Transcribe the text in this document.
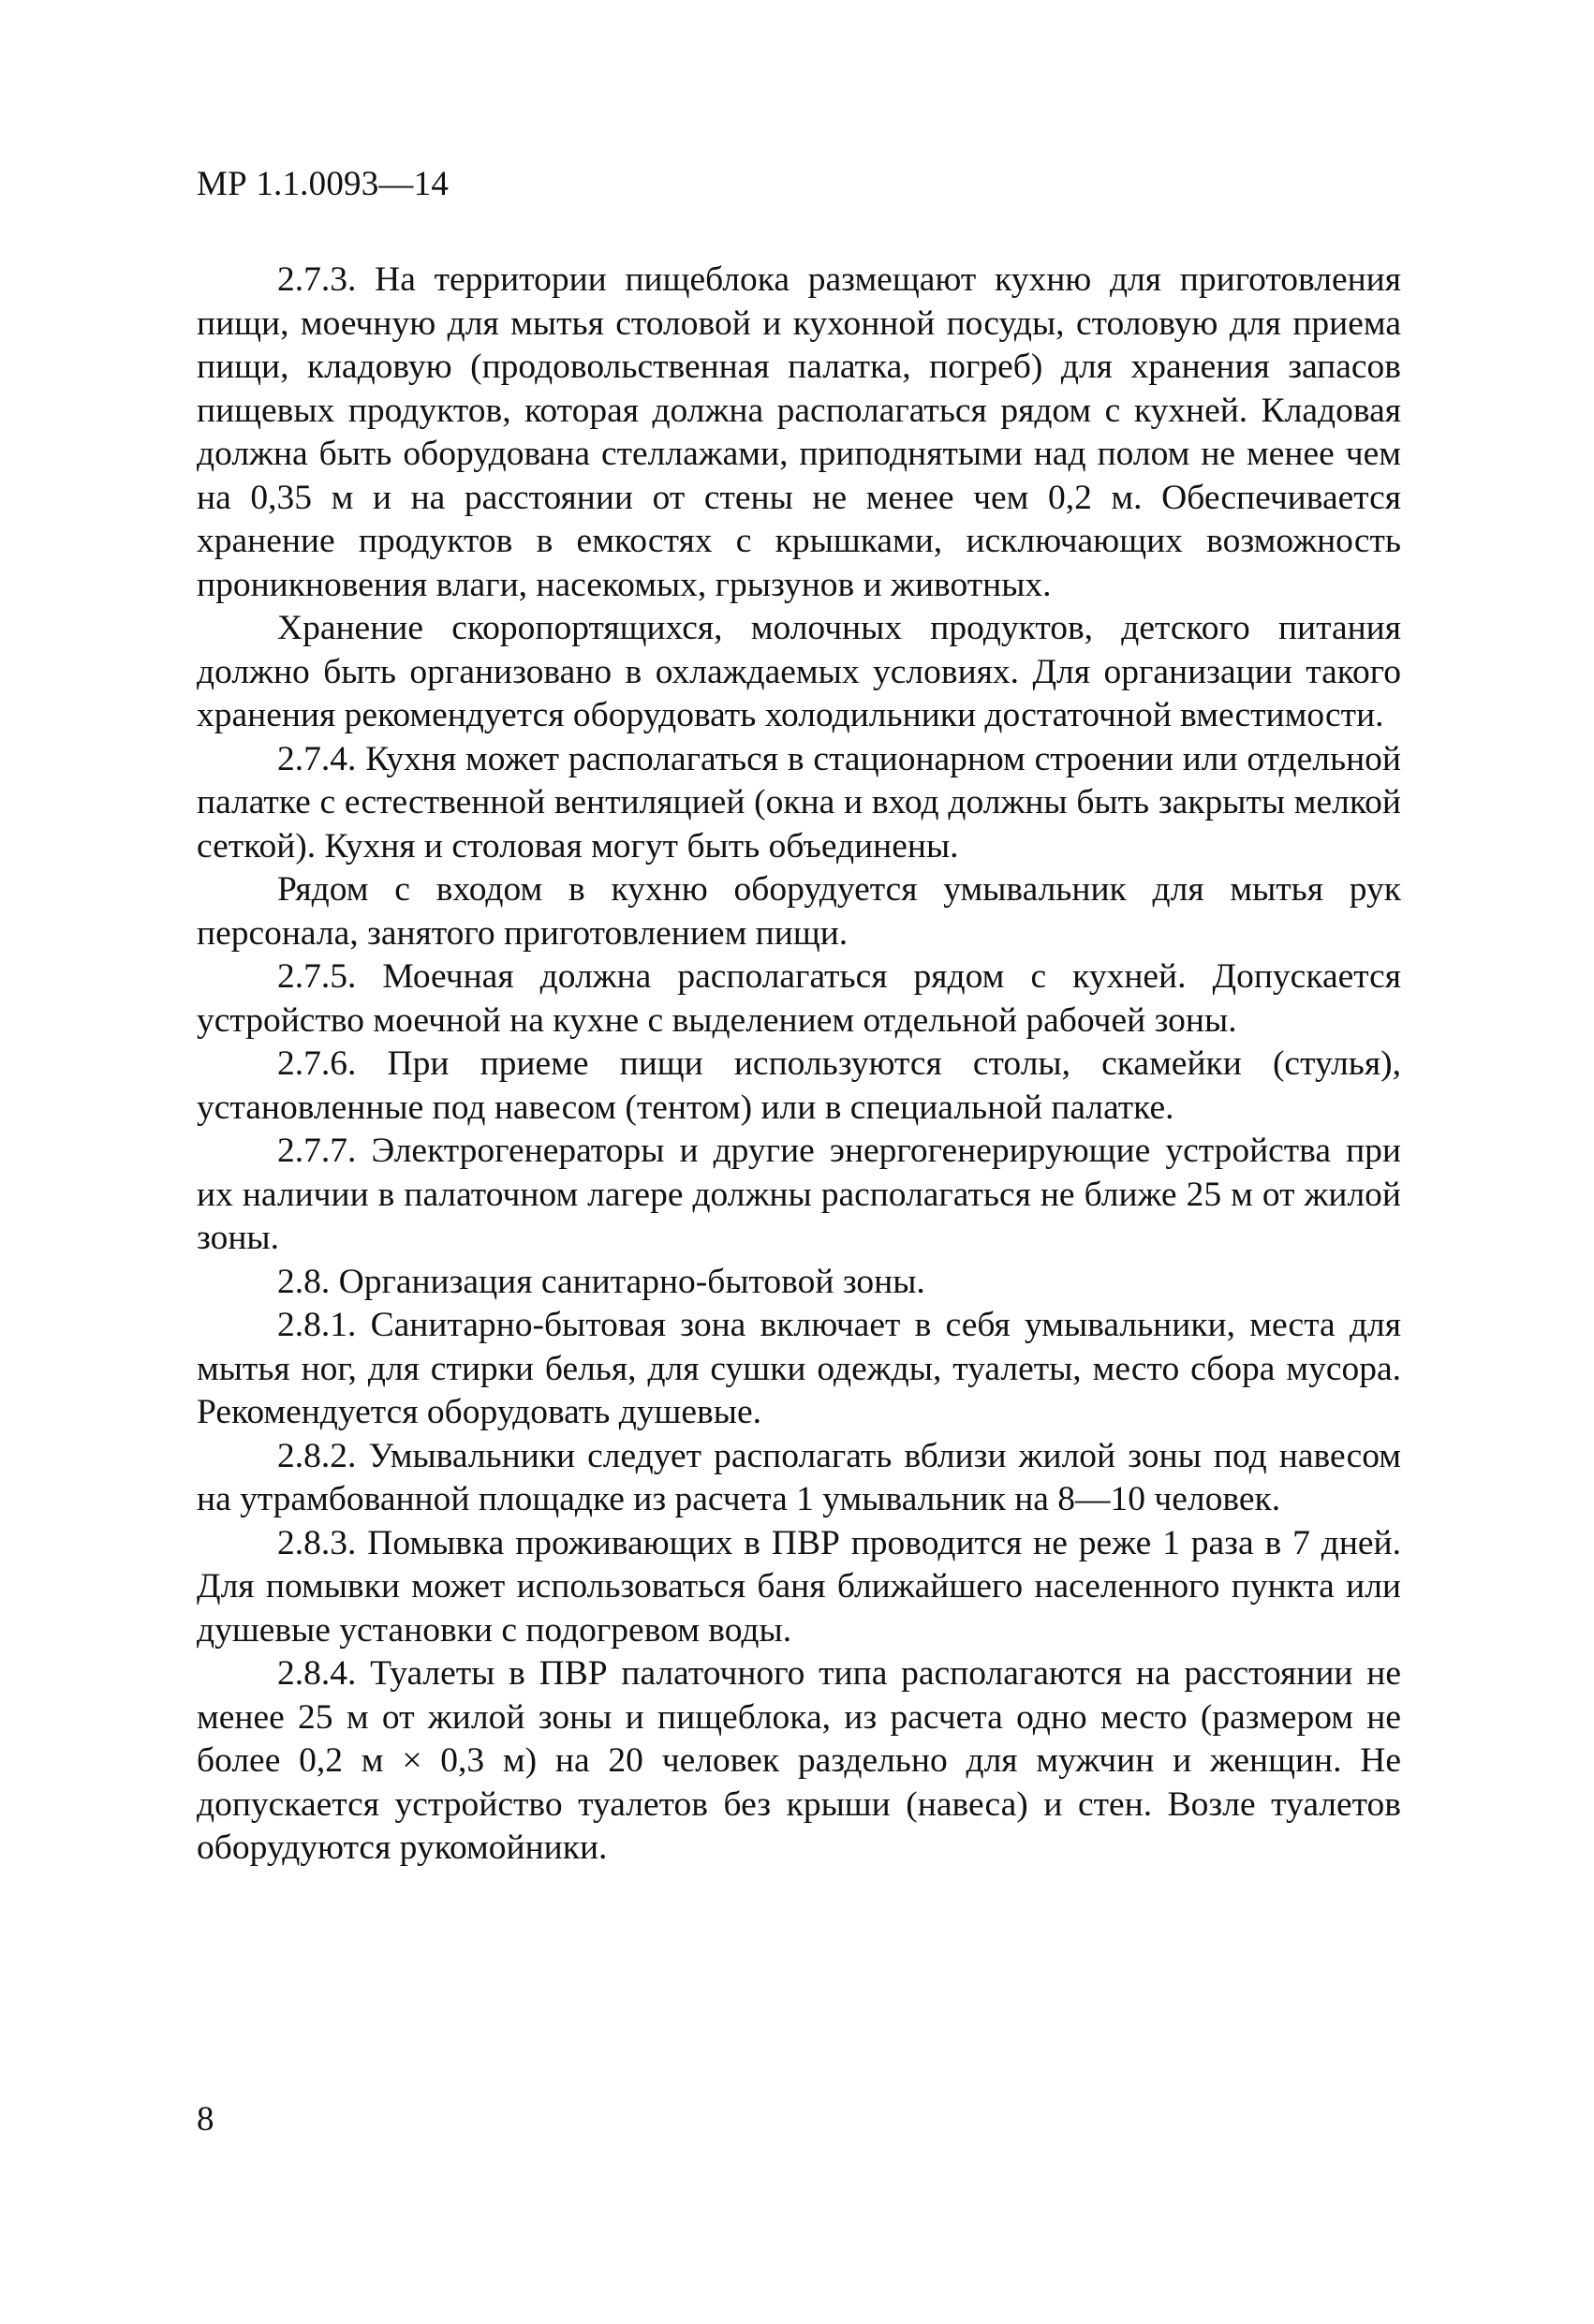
МР 1.1.0093—14

2.7.3. На территории пищеблока размещают кухню для приготовления пищи, моечную для мытья столовой и кухонной посуды, столовую для приема пищи, кладовую (продовольственная палатка, погреб) для хранения запасов пищевых продуктов, которая должна располагаться рядом с кухней. Кладовая должна быть оборудована стеллажами, приподнятыми над полом не менее чем на 0,35 м и на расстоянии от стены не менее чем 0,2 м. Обеспечивается хранение продуктов в емкостях с крышками, исключающих возможность проникновения влаги, насекомых, грызунов и животных.

Хранение скоропортящихся, молочных продуктов, детского питания должно быть организовано в охлаждаемых условиях. Для организации такого хранения рекомендуется оборудовать холодильники достаточной вместимости.

2.7.4. Кухня может располагаться в стационарном строении или отдельной палатке с естественной вентиляцией (окна и вход должны быть закрыты мелкой сеткой). Кухня и столовая могут быть объединены.

Рядом с входом в кухню оборудуется умывальник для мытья рук персонала, занятого приготовлением пищи.

2.7.5. Моечная должна располагаться рядом с кухней. Допускается устройство моечной на кухне с выделением отдельной рабочей зоны.

2.7.6. При приеме пищи используются столы, скамейки (стулья), установленные под навесом (тентом) или в специальной палатке.

2.7.7. Электрогенераторы и другие энергогенерирующие устройства при их наличии в палаточном лагере должны располагаться не ближе 25 м от жилой зоны.

2.8. Организация санитарно-бытовой зоны.

2.8.1. Санитарно-бытовая зона включает в себя умывальники, места для мытья ног, для стирки белья, для сушки одежды, туалеты, место сбора мусора. Рекомендуется оборудовать душевые.

2.8.2. Умывальники следует располагать вблизи жилой зоны под навесом на утрамбованной площадке из расчета 1 умывальник на 8—10 человек.

2.8.3. Помывка проживающих в ПВР проводится не реже 1 раза в 7 дней. Для помывки может использоваться баня ближайшего населенного пункта или душевые установки с подогревом воды.

2.8.4. Туалеты в ПВР палаточного типа располагаются на расстоянии не менее 25 м от жилой зоны и пищеблока, из расчета одно место (размером не более 0,2 м × 0,3 м) на 20 человек раздельно для мужчин и женщин. Не допускается устройство туалетов без крыши (навеса) и стен. Возле туалетов оборудуются рукомойники.

8
